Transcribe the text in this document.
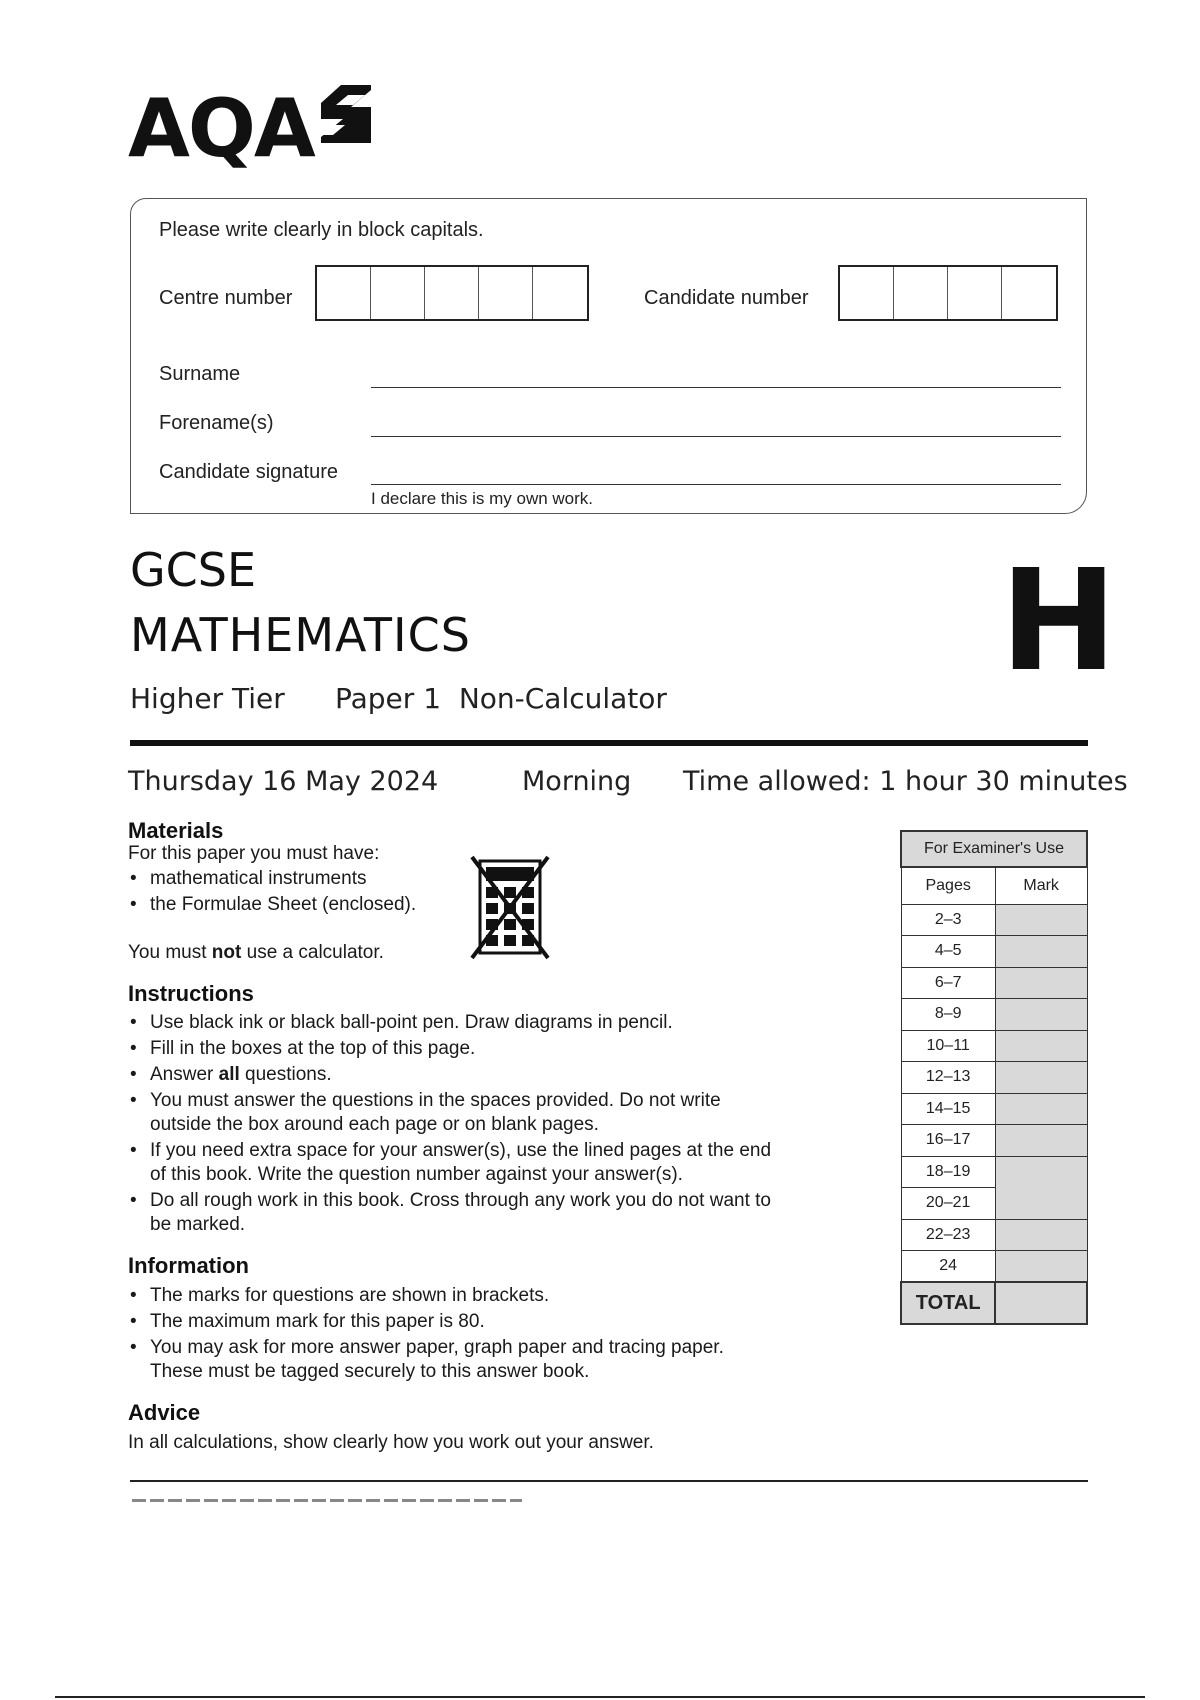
AQA
Please write clearly in block capitals.
Centre number	Candidate number
Surname
Forename(s)
Candidate signature
I declare this is my own work.
GCSE
MATHEMATICS
Higher Tier Paper 1  Non-Calculator H
Thursday 16 May 2024	Morning Time allowed: 1 hour 30 minutes
Materials
For this paper you must have:
• mathematical instruments
• the Formulae Sheet (enclosed).
You must not use a calculator.
Instructions
• Use black ink or black ball-point pen. Draw diagrams in pencil.
• Fill in the boxes at the top of this page.
• Answer all questions.
• You must answer the questions in the spaces provided. Do not write
outside the box around each page or on blank pages.
• If you need extra space for your answer(s), use the lined pages at the end
of this book. Write the question number against your answer(s).
• Do all rough work in this book. Cross through any work you do not want to
be marked.
Information
• The marks for questions are shown in brackets.
• The maximum mark for this paper is 80.
• You may ask for more answer paper, graph paper and tracing paper.
These must be tagged securely to this answer book.
Advice
In all calculations, show clearly how you work out your answer.
For Examiner's Use	
Pages	Mark
2–3	
4–5	
6–7	
8–9	
10–11	
12–13	
14–15	
16–17	
18–19	
20–21	
22–23	
24	
TOTAL	
